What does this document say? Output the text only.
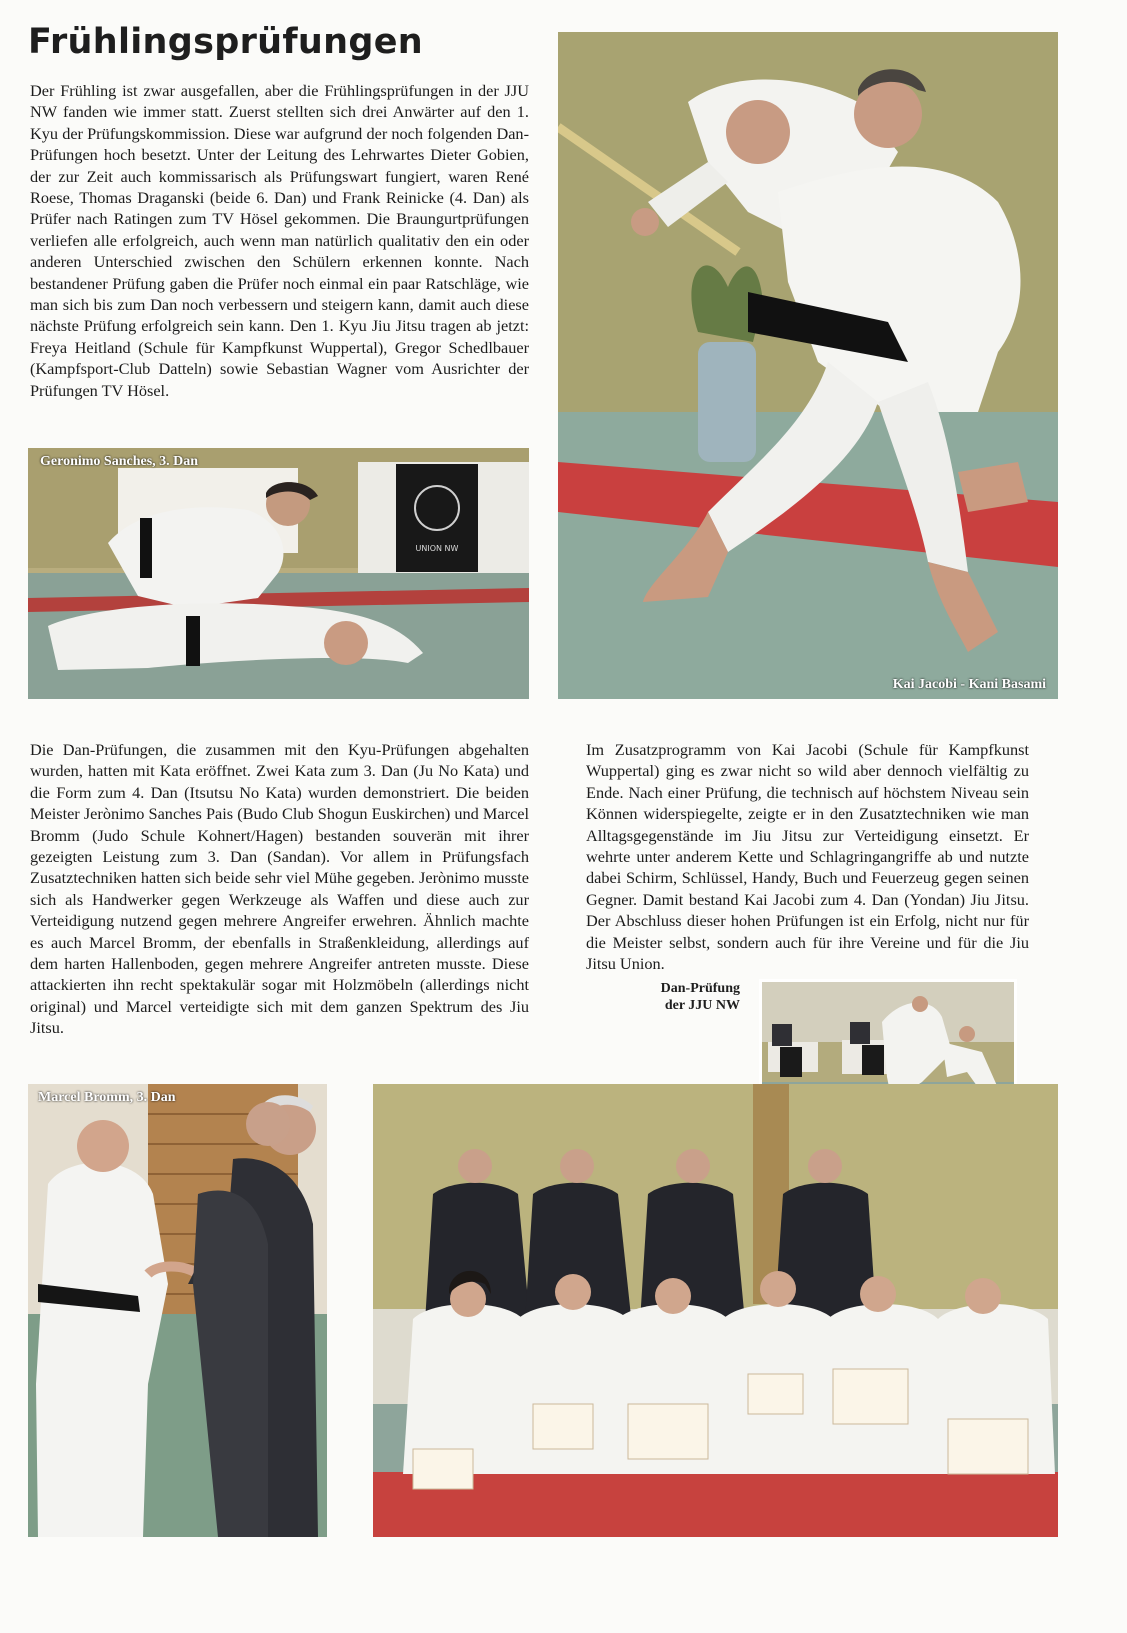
Frühlingsprüfungen
Der Frühling ist zwar ausgefallen, aber die Frühlingsprüfungen in der JJU NW fanden wie immer statt. Zuerst stellten sich drei Anwärter auf den 1. Kyu der Prüfungskommission. Diese war aufgrund der noch folgenden Dan-Prüfungen hoch besetzt. Unter der Leitung des Lehrwartes Dieter Gobien, der zur Zeit auch kommissarisch als Prüfungswart fungiert, waren René Roese, Thomas Draganski (beide 6. Dan) und Frank Reinicke (4. Dan) als Prüfer nach Ratingen zum TV Hösel gekommen. Die Braungurtprüfungen verliefen alle erfolgreich, auch wenn man natürlich qualitativ den ein oder anderen Unterschied zwischen den Schülern erkennen konnte. Nach bestandener Prüfung gaben die Prüfer noch einmal ein paar Ratschläge, wie man sich bis zum Dan noch verbessern und steigern kann, damit auch diese nächste Prüfung erfolgreich sein kann. Den 1. Kyu Jiu Jitsu tragen ab jetzt: Freya Heitland (Schule für Kampfkunst Wuppertal), Gregor Schedlbauer (Kampfsport-Club Datteln) sowie Sebastian Wagner vom Ausrichter der Prüfungen TV Hösel.
UNION NW
Geronimo Sanches, 3. Dan
Kai Jacobi - Kani Basami
Die Dan-Prüfungen, die zusammen mit den Kyu-Prüfungen abgehalten wurden, hatten mit Kata eröffnet. Zwei Kata zum 3. Dan (Ju No Kata) und die Form zum 4. Dan (Itsutsu No Kata) wurden demonstriert. Die beiden Meister Jerònimo Sanches Pais (Budo Club Shogun Euskirchen) und Marcel Bromm (Judo Schule Kohnert/Hagen) bestanden souverän mit ihrer gezeigten Leistung zum 3. Dan (Sandan). Vor allem in Prüfungsfach Zusatztechniken hatten sich beide sehr viel Mühe gegeben. Jerònimo musste sich als Handwerker gegen Werkzeuge als Waffen und diese auch zur Verteidigung nutzend gegen mehrere Angreifer erwehren. Ähnlich machte es auch Marcel Bromm, der ebenfalls in Straßenkleidung, allerdings auf dem harten Hallenboden, gegen mehrere Angreifer antreten musste. Diese attackierten ihn recht spektakulär sogar mit Holzmöbeln (allerdings nicht original) und Marcel verteidigte sich mit dem ganzen Spektrum des Jiu Jitsu.
Im Zusatzprogramm von Kai Jacobi (Schule für Kampfkunst Wuppertal) ging es zwar nicht so wild aber dennoch vielfältig zu Ende. Nach einer Prüfung, die technisch auf höchstem Niveau sein Können widerspiegelte, zeigte er in den Zusatztechniken wie man Alltagsgegenstände im Jiu Jitsu zur Verteidigung einsetzt. Er wehrte unter anderem Kette und Schlagringangriffe ab und nutzte dabei Schirm, Schlüssel, Handy, Buch und Feuerzeug gegen seinen Gegner. Damit bestand Kai Jacobi zum 4. Dan (Yondan) Jiu Jitsu. Der Abschluss dieser hohen Prüfungen ist ein Erfolg, nicht nur für die Meister selbst, sondern auch für ihre Vereine und für die Jiu Jitsu Union.
Dan-Prüfung
der JJU NW
Marcel Bromm, 3. Dan
